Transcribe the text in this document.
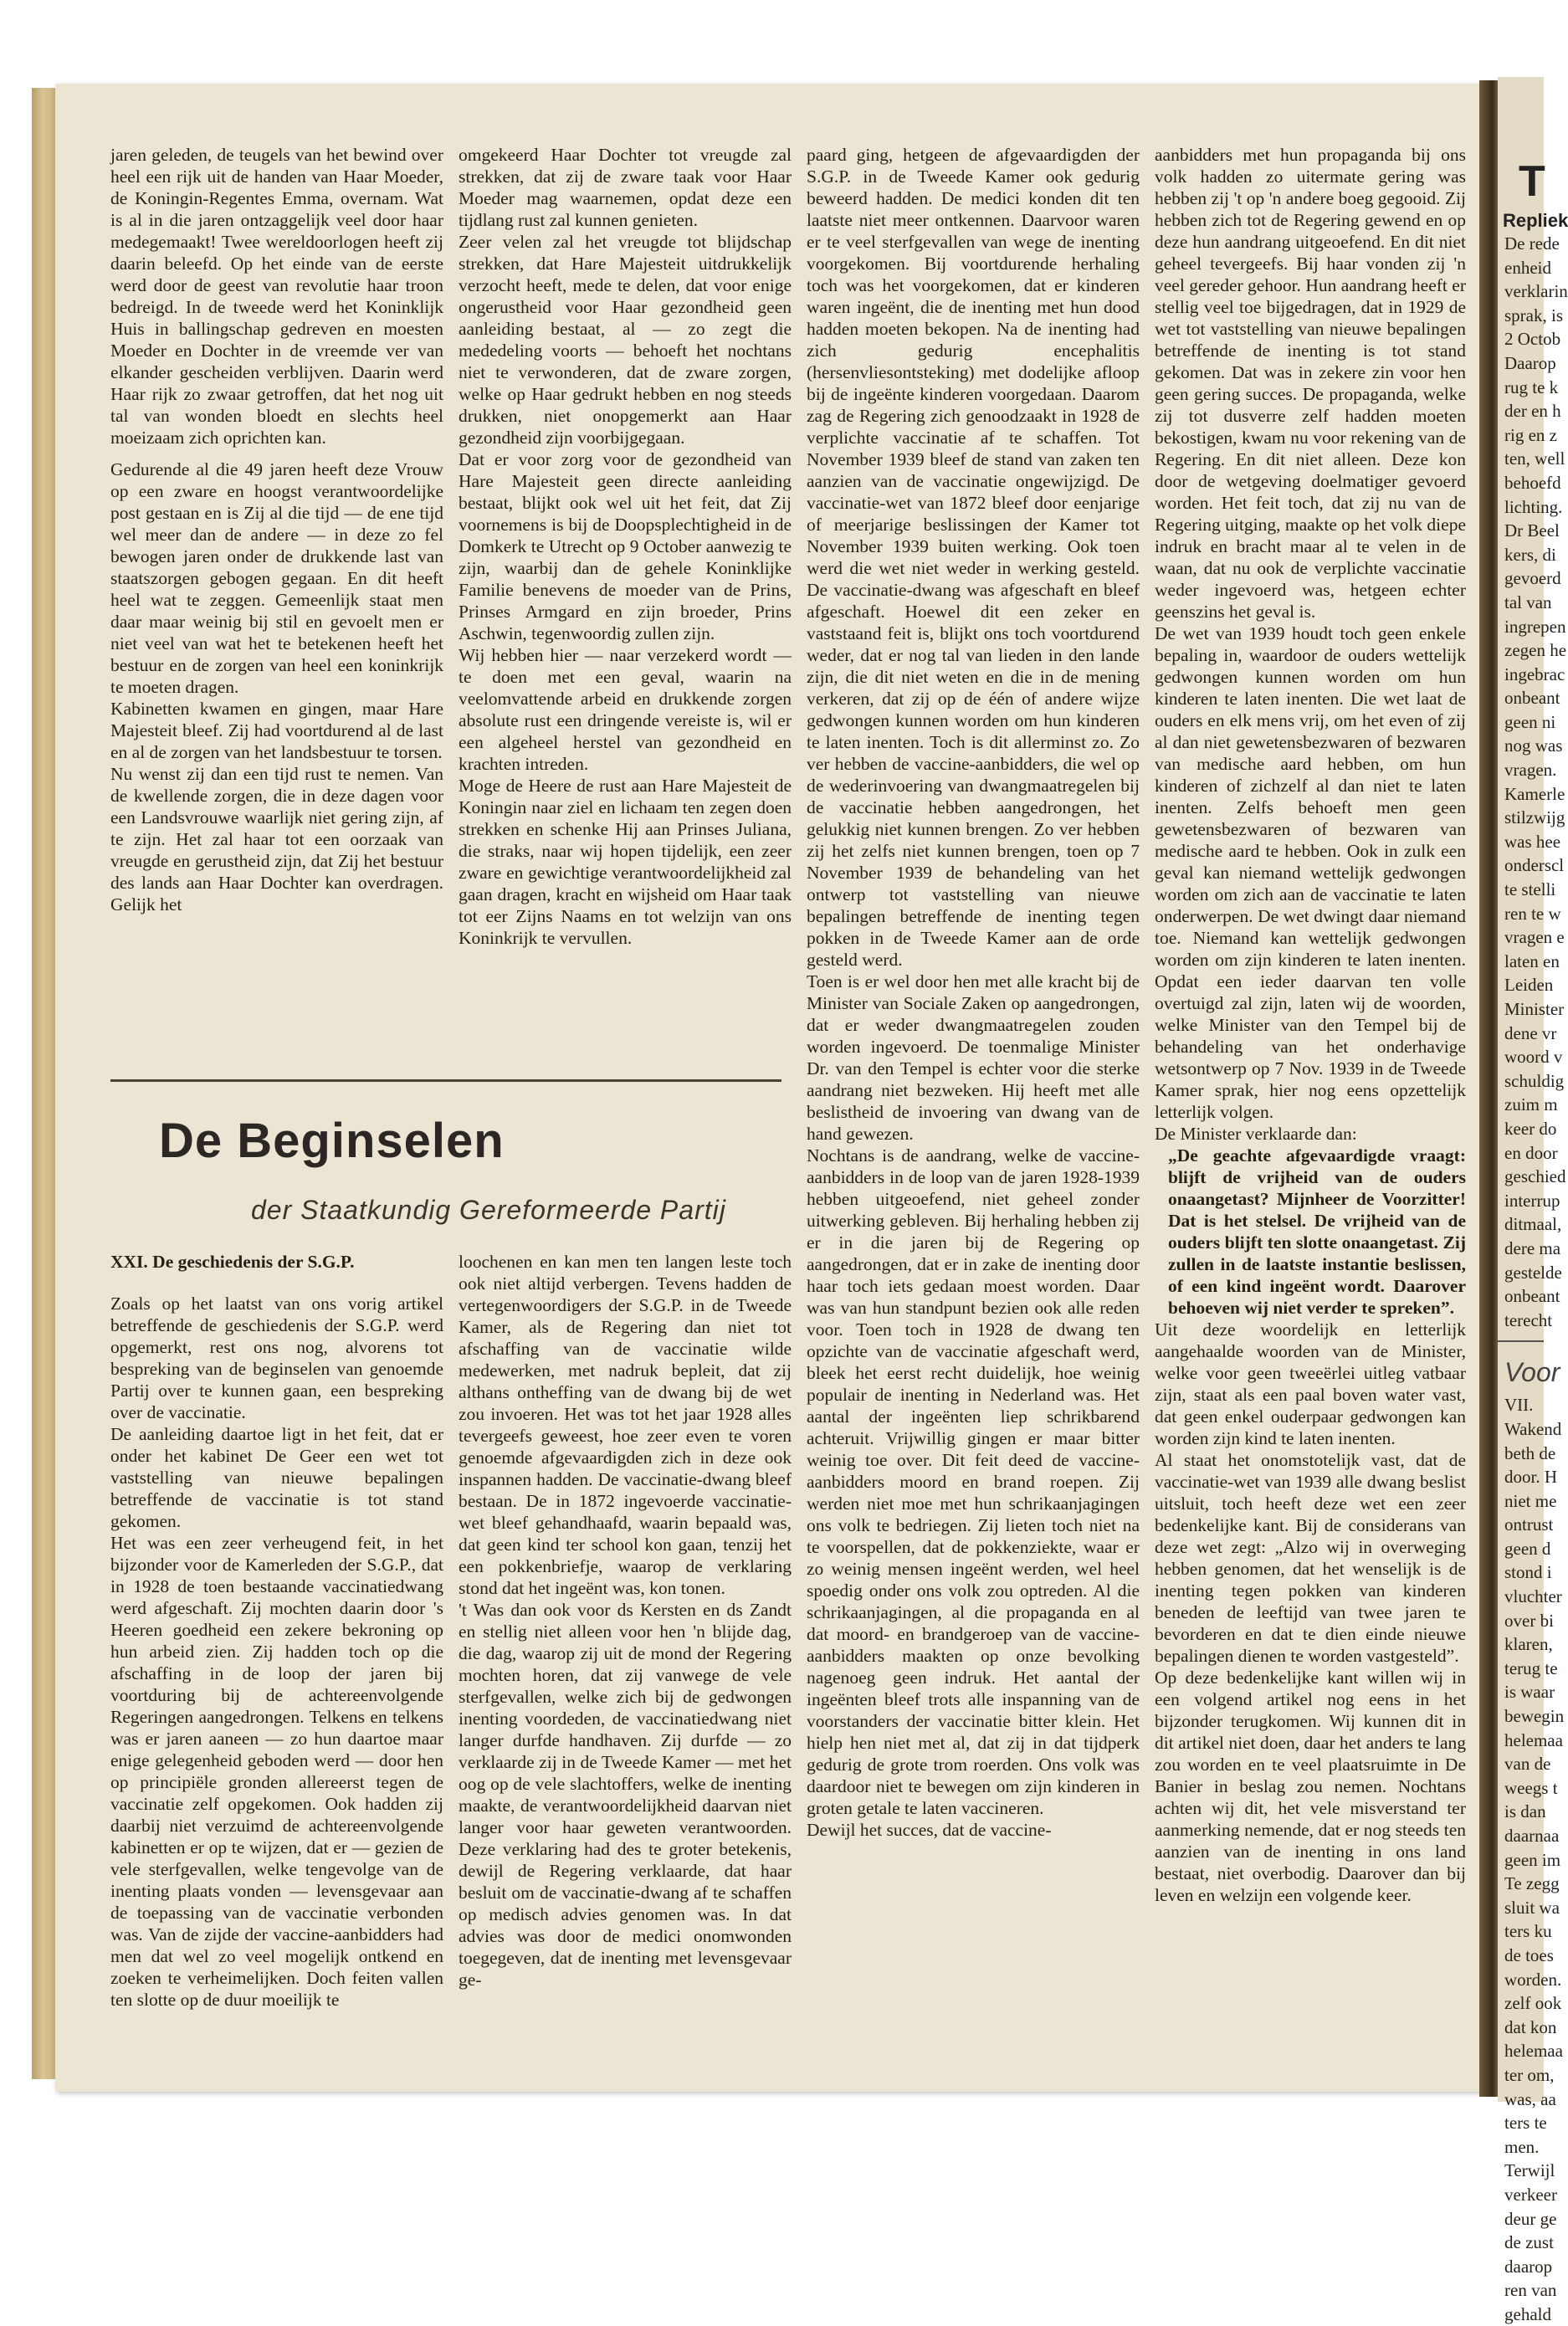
T
Repliek
De rede
enheid
verklarin
sprak, is
2 Octob
Daarop
rug te k
der en h
rig en z
ten, well
behoefd
lichting.
Dr Beel
kers, di
gevoerd
tal van
ingrepen
zegen he
ingebrac
onbeant
geen ni
nog was
vragen.
Kamerle
stilzwijg
was hee
onderscl
te stelli
ren te w
vragen e
laten en
Leiden
Minister
dene vr
woord v
schuldig
zuim m
keer do
en door
geschied
interrup
ditmaal,
dere ma
gestelde
onbeant
terecht
Voor
VII.
Wakend
beth de
door. H
niet me
ontrust
geen d
stond i
vluchter
over bi
klaren,
terug te
is waar
bewegin
helemaa
van de
weegs t
is dan
daarnaa
geen im
Te zegg
sluit wa
ters ku
de toes
worden.
zelf ook
dat kon
helemaa
ter om,
was, aa
ters te
men.
Terwijl
verkeer
deur ge
de zust
daarop
ren van
gehald

jaren geleden, de teugels van het bewind over heel een rijk uit de handen van Haar Moeder, de Koningin-Regentes Emma, overnam. Wat is al in die jaren ontzaggelijk veel door haar medegemaakt! Twee wereldoorlogen heeft zij daarin beleefd. Op het einde van de eerste werd door de geest van revolutie haar troon bedreigd. In de tweede werd het Koninklijk Huis in ballingschap gedreven en moesten Moeder en Dochter in de vreemde ver van elkander gescheiden verblijven. Daarin werd Haar rijk zo zwaar getroffen, dat het nog uit tal van wonden bloedt en slechts heel moeizaam zich oprichten kan.

Gedurende al die 49 jaren heeft deze Vrouw op een zware en hoogst verantwoordelijke post gestaan en is Zij al die tijd — de ene tijd wel meer dan de andere — in deze zo fel bewogen jaren onder de drukkende last van staatszorgen gebogen gegaan. En dit heeft heel wat te zeggen. Gemeenlijk staat men daar maar weinig bij stil en gevoelt men er niet veel van wat het te betekenen heeft het bestuur en de zorgen van heel een koninkrijk te moeten dragen.

Kabinetten kwamen en gingen, maar Hare Majesteit bleef. Zij had voortdurend al de last en al de zorgen van het landsbestuur te torsen.

Nu wenst zij dan een tijd rust te nemen. Van de kwellende zorgen, die in deze dagen voor een Landsvrouwe waarlijk niet gering zijn, af te zijn. Het zal haar tot een oorzaak van vreugde en gerustheid zijn, dat Zij het bestuur des lands aan Haar Dochter kan overdragen. Gelijk het

omgekeerd Haar Dochter tot vreugde zal strekken, dat zij de zware taak voor Haar Moeder mag waarnemen, opdat deze een tijdlang rust zal kunnen genieten.

Zeer velen zal het vreugde tot blijdschap strekken, dat Hare Majesteit uitdrukkelijk verzocht heeft, mede te delen, dat voor enige ongerustheid voor Haar gezondheid geen aanleiding bestaat, al — zo zegt die mededeling voorts — behoeft het nochtans niet te verwonderen, dat de zware zorgen, welke op Haar gedrukt hebben en nog steeds drukken, niet onopgemerkt aan Haar gezondheid zijn voorbijgegaan.

Dat er voor zorg voor de gezondheid van Hare Majesteit geen directe aanleiding bestaat, blijkt ook wel uit het feit, dat Zij voornemens is bij de Doopsplechtigheid in de Domkerk te Utrecht op 9 October aanwezig te zijn, waarbij dan de gehele Koninklijke Familie benevens de moeder van de Prins, Prinses Armgard en zijn broeder, Prins Aschwin, tegenwoordig zullen zijn.

Wij hebben hier — naar verzekerd wordt — te doen met een geval, waarin na veelomvattende arbeid en drukkende zorgen absolute rust een dringende vereiste is, wil er een algeheel herstel van gezondheid en krachten intreden.

Moge de Heere de rust aan Hare Majesteit de Koningin naar ziel en lichaam ten zegen doen strekken en schenke Hij aan Prinses Juliana, die straks, naar wij hopen tijdelijk, een zeer zware en gewichtige verantwoordelijkheid zal gaan dragen, kracht en wijsheid om Haar taak tot eer Zijns Naams en tot welzijn van ons Koninkrijk te vervullen.

De Beginselen
der Staatkundig Gereformeerde Partij

XXI. De geschiedenis der S.G.P.

Zoals op het laatst van ons vorig artikel betreffende de geschiedenis der S.G.P. werd opgemerkt, rest ons nog, alvorens tot bespreking van de beginselen van genoemde Partij over te kunnen gaan, een bespreking over de vaccinatie.

De aanleiding daartoe ligt in het feit, dat er onder het kabinet De Geer een wet tot vaststelling van nieuwe bepalingen betreffende de vaccinatie is tot stand gekomen.

Het was een zeer verheugend feit, in het bijzonder voor de Kamerleden der S.G.P., dat in 1928 de toen bestaande vaccinatiedwang werd afgeschaft. Zij mochten daarin door 's Heeren goedheid een zekere bekroning op hun arbeid zien. Zij hadden toch op die afschaffing in de loop der jaren bij voortduring bij de achtereenvolgende Regeringen aangedrongen. Telkens en telkens was er jaren aaneen — zo hun daartoe maar enige gelegenheid geboden werd — door hen op principiële gronden allereerst tegen de vaccinatie zelf opgekomen. Ook hadden zij daarbij niet verzuimd de achtereenvolgende kabinetten er op te wijzen, dat er — gezien de vele sterfgevallen, welke tengevolge van de inenting plaats vonden — levensgevaar aan de toepassing van de vaccinatie verbonden was. Van de zijde der vaccine-aanbidders had men dat wel zo veel mogelijk ontkend en zoeken te verheimelijken. Doch feiten vallen ten slotte op de duur moeilijk te

loochenen en kan men ten langen leste toch ook niet altijd verbergen. Tevens hadden de vertegenwoordigers der S.G.P. in de Tweede Kamer, als de Regering dan niet tot afschaffing van de vaccinatie wilde medewerken, met nadruk bepleit, dat zij althans ontheffing van de dwang bij de wet zou invoeren. Het was tot het jaar 1928 alles tevergeefs geweest, hoe zeer even te voren genoemde afgevaardigden zich in deze ook inspannen hadden. De vaccinatie-dwang bleef bestaan. De in 1872 ingevoerde vaccinatie-wet bleef gehandhaafd, waarin bepaald was, dat geen kind ter school kon gaan, tenzij het een pokkenbriefje, waarop de verklaring stond dat het ingeënt was, kon tonen.

't Was dan ook voor ds Kersten en ds Zandt en stellig niet alleen voor hen 'n blijde dag, die dag, waarop zij uit de mond der Regering mochten horen, dat zij vanwege de vele sterfgevallen, welke zich bij de gedwongen inenting voordeden, de vaccinatiedwang niet langer durfde handhaven. Zij durfde — zo verklaarde zij in de Tweede Kamer — met het oog op de vele slachtoffers, welke de inenting maakte, de verantwoordelijkheid daarvan niet langer voor haar geweten verantwoorden. Deze verklaring had des te groter betekenis, dewijl de Regering verklaarde, dat haar besluit om de vaccinatie-dwang af te schaffen op medisch advies genomen was. In dat advies was door de medici onomwonden toegegeven, dat de inenting met levensgevaar ge-

paard ging, hetgeen de afgevaardigden der S.G.P. in de Tweede Kamer ook gedurig beweerd hadden. De medici konden dit ten laatste niet meer ontkennen. Daarvoor waren er te veel sterfgevallen van wege de inenting voorgekomen. Bij voortdurende herhaling toch was het voorgekomen, dat er kinderen waren ingeënt, die de inenting met hun dood hadden moeten bekopen. Na de inenting had zich gedurig encephalitis (hersenvliesontsteking) met dodelijke afloop bij de ingeënte kinderen voorgedaan. Daarom zag de Regering zich genoodzaakt in 1928 de verplichte vaccinatie af te schaffen. Tot November 1939 bleef de stand van zaken ten aanzien van de vaccinatie ongewijzigd. De vaccinatie-wet van 1872 bleef door eenjarige of meerjarige beslissingen der Kamer tot November 1939 buiten werking. Ook toen werd die wet niet weder in werking gesteld. De vaccinatie-dwang was afgeschaft en bleef afgeschaft. Hoewel dit een zeker en vaststaand feit is, blijkt ons toch voortdurend weder, dat er nog tal van lieden in den lande zijn, die dit niet weten en die in de mening verkeren, dat zij op de één of andere wijze gedwongen kunnen worden om hun kinderen te laten inenten. Toch is dit allerminst zo. Zo ver hebben de vaccine-aanbidders, die wel op de wederinvoering van dwangmaatregelen bij de vaccinatie hebben aangedrongen, het gelukkig niet kunnen brengen. Zo ver hebben zij het zelfs niet kunnen brengen, toen op 7 November 1939 de behandeling van het ontwerp tot vaststelling van nieuwe bepalingen betreffende de inenting tegen pokken in de Tweede Kamer aan de orde gesteld werd.

Toen is er wel door hen met alle kracht bij de Minister van Sociale Zaken op aangedrongen, dat er weder dwangmaatregelen zouden worden ingevoerd. De toenmalige Minister Dr. van den Tempel is echter voor die sterke aandrang niet bezweken. Hij heeft met alle beslistheid de invoering van dwang van de hand gewezen.

Nochtans is de aandrang, welke de vaccine-aanbidders in de loop van de jaren 1928-1939 hebben uitgeoefend, niet geheel zonder uitwerking gebleven. Bij herhaling hebben zij er in die jaren bij de Regering op aangedrongen, dat er in zake de inenting door haar toch iets gedaan moest worden. Daar was van hun standpunt bezien ook alle reden voor. Toen toch in 1928 de dwang ten opzichte van de vaccinatie afgeschaft werd, bleek het eerst recht duidelijk, hoe weinig populair de inenting in Nederland was. Het aantal der ingeënten liep schrikbarend achteruit. Vrijwillig gingen er maar bitter weinig toe over. Dit feit deed de vaccine-aanbidders moord en brand roepen. Zij werden niet moe met hun schrikaanjagingen ons volk te bedriegen. Zij lieten toch niet na te voorspellen, dat de pokkenziekte, waar er zo weinig mensen ingeënt werden, wel heel spoedig onder ons volk zou optreden. Al die schrikaanjagingen, al die propaganda en al dat moord- en brandgeroep van de vaccine-aanbidders maakten op onze bevolking nagenoeg geen indruk. Het aantal der ingeënten bleef trots alle inspanning van de voorstanders der vaccinatie bitter klein. Het hielp hen niet met al, dat zij in dat tijdperk gedurig de grote trom roerden. Ons volk was daardoor niet te bewegen om zijn kinderen in groten getale te laten vaccineren.

Dewijl het succes, dat de vaccine-

aanbidders met hun propaganda bij ons volk hadden zo uitermate gering was hebben zij 't op 'n andere boeg gegooid. Zij hebben zich tot de Regering gewend en op deze hun aandrang uitgeoefend. En dit niet geheel tevergeefs. Bij haar vonden zij 'n veel gereder gehoor. Hun aandrang heeft er stellig veel toe bijgedragen, dat in 1929 de wet tot vaststelling van nieuwe bepalingen betreffende de inenting is tot stand gekomen. Dat was in zekere zin voor hen geen gering succes. De propaganda, welke zij tot dusverre zelf hadden moeten bekostigen, kwam nu voor rekening van de Regering. En dit niet alleen. Deze kon door de wetgeving doelmatiger gevoerd worden. Het feit toch, dat zij nu van de Regering uitging, maakte op het volk diepe indruk en bracht maar al te velen in de waan, dat nu ook de verplichte vaccinatie weder ingevoerd was, hetgeen echter geenszins het geval is.

De wet van 1939 houdt toch geen enkele bepaling in, waardoor de ouders wettelijk gedwongen kunnen worden om hun kinderen te laten inenten. Die wet laat de ouders en elk mens vrij, om het even of zij al dan niet gewetensbezwaren of bezwaren van medische aard hebben, om hun kinderen of zichzelf al dan niet te laten inenten. Zelfs behoeft men geen gewetensbezwaren of bezwaren van medische aard te hebben. Ook in zulk een geval kan niemand wettelijk gedwongen worden om zich aan de vaccinatie te laten onderwerpen. De wet dwingt daar niemand toe. Niemand kan wettelijk gedwongen worden om zijn kinderen te laten inenten. Opdat een ieder daarvan ten volle overtuigd zal zijn, laten wij de woorden, welke Minister van den Tempel bij de behandeling van het onderhavige wetsontwerp op 7 Nov. 1939 in de Tweede Kamer sprak, hier nog eens opzettelijk letterlijk volgen.

De Minister verklaarde dan:

„De geachte afgevaardigde vraagt: blijft de vrijheid van de ouders onaangetast? Mijnheer de Voorzitter! Dat is het stelsel. De vrijheid van de ouders blijft ten slotte onaangetast. Zij zullen in de laatste instantie beslissen, of een kind ingeënt wordt. Daarover behoeven wij niet verder te spreken”.

Uit deze woordelijk en letterlijk aangehaalde woorden van de Minister, welke voor geen tweeërlei uitleg vatbaar zijn, staat als een paal boven water vast, dat geen enkel ouderpaar gedwongen kan worden zijn kind te laten inenten.

Al staat het onomstotelijk vast, dat de vaccinatie-wet van 1939 alle dwang beslist uitsluit, toch heeft deze wet een zeer bedenkelijke kant. Bij de considerans van deze wet zegt: „Alzo wij in overweging hebben genomen, dat het wenselijk is de inenting tegen pokken van kinderen beneden de leeftijd van twee jaren te bevorderen en dat te dien einde nieuwe bepalingen dienen te worden vastgesteld”.

Op deze bedenkelijke kant willen wij in een volgend artikel nog eens in het bijzonder terugkomen. Wij kunnen dit in dit artikel niet doen, daar het anders te lang zou worden en te veel plaatsruimte in De Banier in beslag zou nemen. Nochtans achten wij dit, het vele misverstand ter aanmerking nemende, dat er nog steeds ten aanzien van de inenting in ons land bestaat, niet overbodig. Daarover dan bij leven en welzijn een volgende keer.
